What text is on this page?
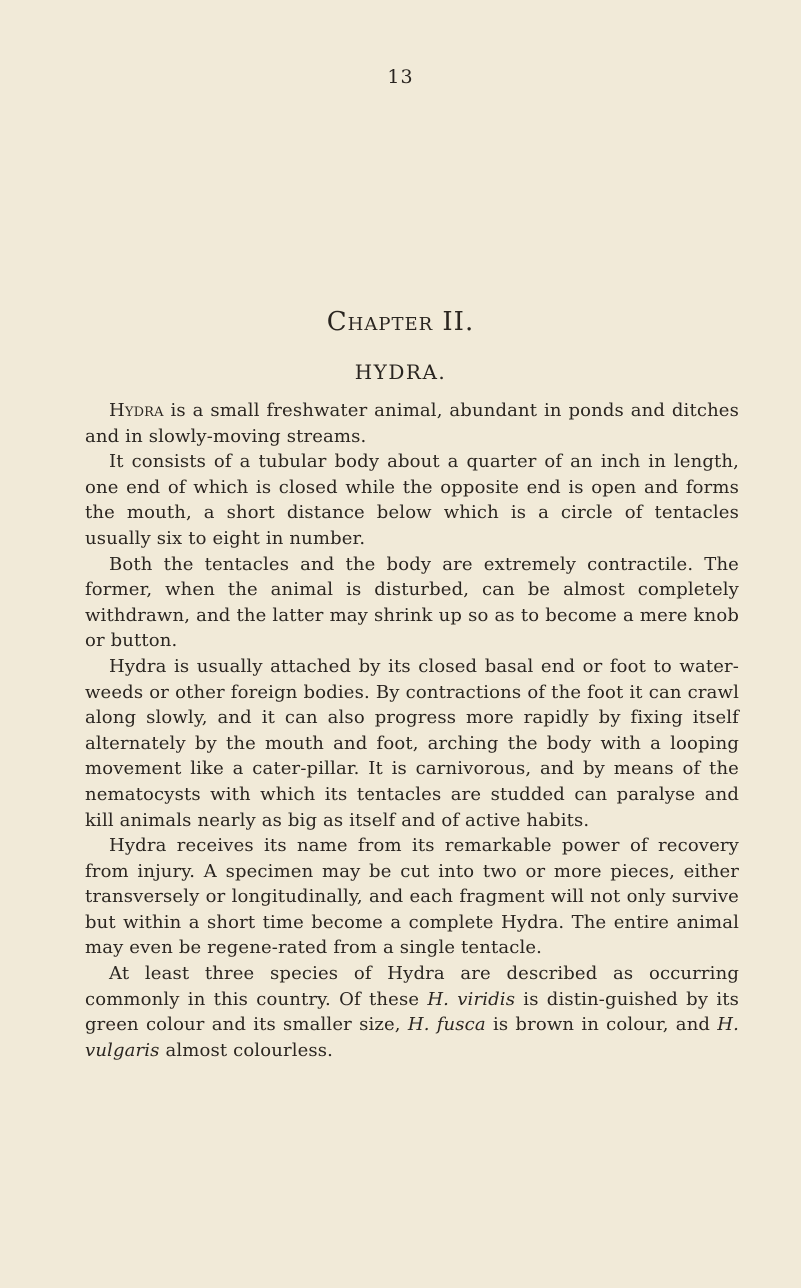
13
Chapter II.
HYDRA.

Hydra is a small freshwater animal, abundant in ponds and ditches and in slowly-moving streams.

It consists of a tubular body about a quarter of an inch in length, one end of which is closed while the opposite end is open and forms the mouth, a short distance below which is a circle of tentacles usually six to eight in number.

Both the tentacles and the body are extremely contractile. The former, when the animal is disturbed, can be almost completely withdrawn, and the latter may shrink up so as to become a mere knob or button.

Hydra is usually attached by its closed basal end or foot to water-weeds or other foreign bodies. By contractions of the foot it can crawl along slowly, and it can also progress more rapidly by fixing itself alternately by the mouth and foot, arching the body with a looping movement like a cater-pillar. It is carnivorous, and by means of the nematocysts with which its tentacles are studded can paralyse and kill animals nearly as big as itself and of active habits.

Hydra receives its name from its remarkable power of recovery from injury. A specimen may be cut into two or more pieces, either transversely or longitudinally, and each fragment will not only survive but within a short time become a complete Hydra. The entire animal may even be regene-rated from a single tentacle.

At least three species of Hydra are described as occurring commonly in this country. Of these H. viridis is distin-guished by its green colour and its smaller size, H. fusca is brown in colour, and H. vulgaris almost colourless.
